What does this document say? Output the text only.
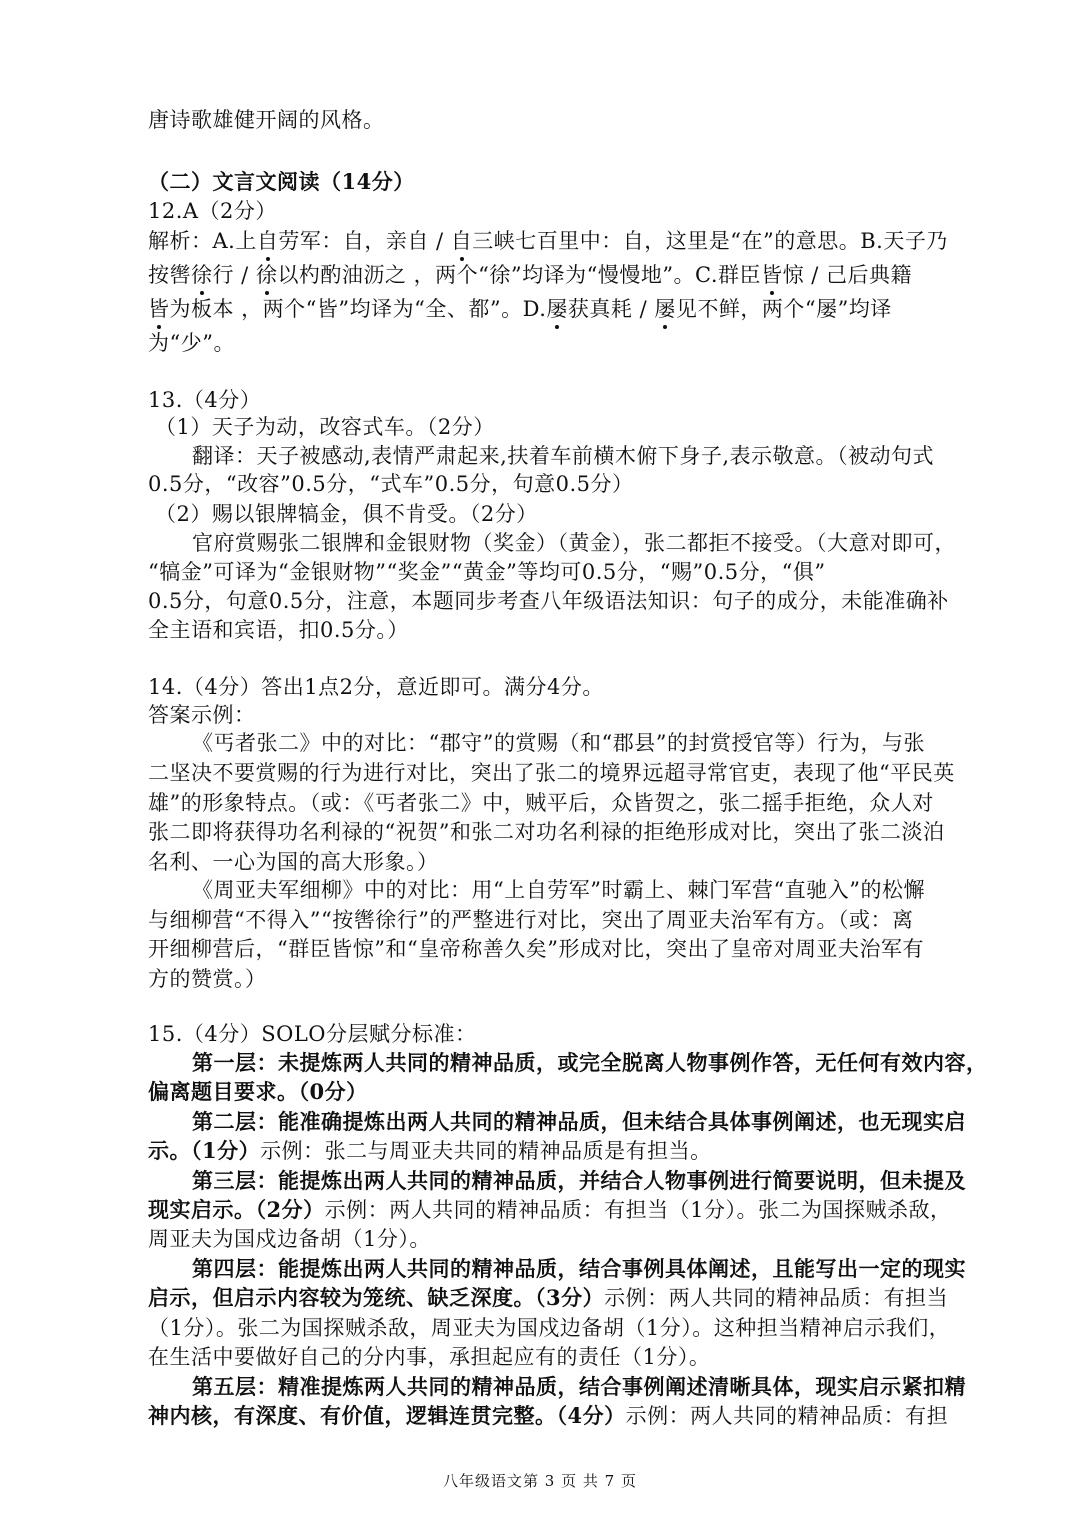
唐诗歌雄健开阔的风格。
（二）文言文阅读（14分）
12.A（2分）
解析：A.上自劳军：自，亲自 / 自三峡七百里中：自，这里是“在”的意思。B.天子乃
按辔徐行 / 徐以杓酌油沥之 ，两个“徐”均译为“慢慢地”。C.群臣皆惊 / 己后典籍
皆为板本 ，两个“皆”均译为“全、都”。D.屡获真耗 / 屡见不鲜，两个“屡”均译
为“少”。
13.（4分）
（1）天子为动，改容式车。（2分）
翻译：天子被感动,表情严肃起来,扶着车前横木俯下身子,表示敬意。（被动句式
0.5分，“改容”0.5分，“式车”0.5分，句意0.5分）
（2）赐以银牌犒金，俱不肯受。（2分）
官府赏赐张二银牌和金银财物（奖金）（黄金），张二都拒不接受。（大意对即可，
“犒金”可译为“金银财物”“奖金”“黄金”等均可0.5分，“赐”0.5分，“俱”
0.5分，句意0.5分，注意，本题同步考查八年级语法知识：句子的成分，未能准确补
全主语和宾语，扣0.5分。）
14.（4分）答出1点2分，意近即可。满分4分。
答案示例：
《丐者张二》中的对比：“郡守”的赏赐（和“郡县”的封赏授官等）行为，与张
二坚决不要赏赐的行为进行对比，突出了张二的境界远超寻常官吏，表现了他“平民英
雄”的形象特点。（或：《丐者张二》中，贼平后，众皆贺之，张二摇手拒绝，众人对
张二即将获得功名利禄的“祝贺”和张二对功名利禄的拒绝形成对比，突出了张二淡泊
名利、一心为国的高大形象。）
《周亚夫军细柳》中的对比：用“上自劳军”时霸上、棘门军营“直驰入”的松懈
与细柳营“不得入”“按辔徐行”的严整进行对比，突出了周亚夫治军有方。（或：离
开细柳营后，“群臣皆惊”和“皇帝称善久矣”形成对比，突出了皇帝对周亚夫治军有
方的赞赏。）
15.（4分）SOLO分层赋分标准：
第一层：未提炼两人共同的精神品质，或完全脱离人物事例作答，无任何有效内容，
偏离题目要求。（0分）
第二层：能准确提炼出两人共同的精神品质，但未结合具体事例阐述，也无现实启
示。（1分）示例：张二与周亚夫共同的精神品质是有担当。
第三层：能提炼出两人共同的精神品质，并结合人物事例进行简要说明，但未提及
现实启示。（2分）示例：两人共同的精神品质：有担当（1分）。张二为国探贼杀敌，
周亚夫为国戍边备胡（1分）。
第四层：能提炼出两人共同的精神品质，结合事例具体阐述，且能写出一定的现实
启示，但启示内容较为笼统、缺乏深度。（3分）示例：两人共同的精神品质：有担当
（1分）。张二为国探贼杀敌，周亚夫为国戍边备胡（1分）。这种担当精神启示我们，
在生活中要做好自己的分内事，承担起应有的责任（1分）。
第五层：精准提炼两人共同的精神品质，结合事例阐述清晰具体，现实启示紧扣精
神内核，有深度、有价值，逻辑连贯完整。（4分）示例：两人共同的精神品质：有担
八年级语文第 3 页 共 7 页
